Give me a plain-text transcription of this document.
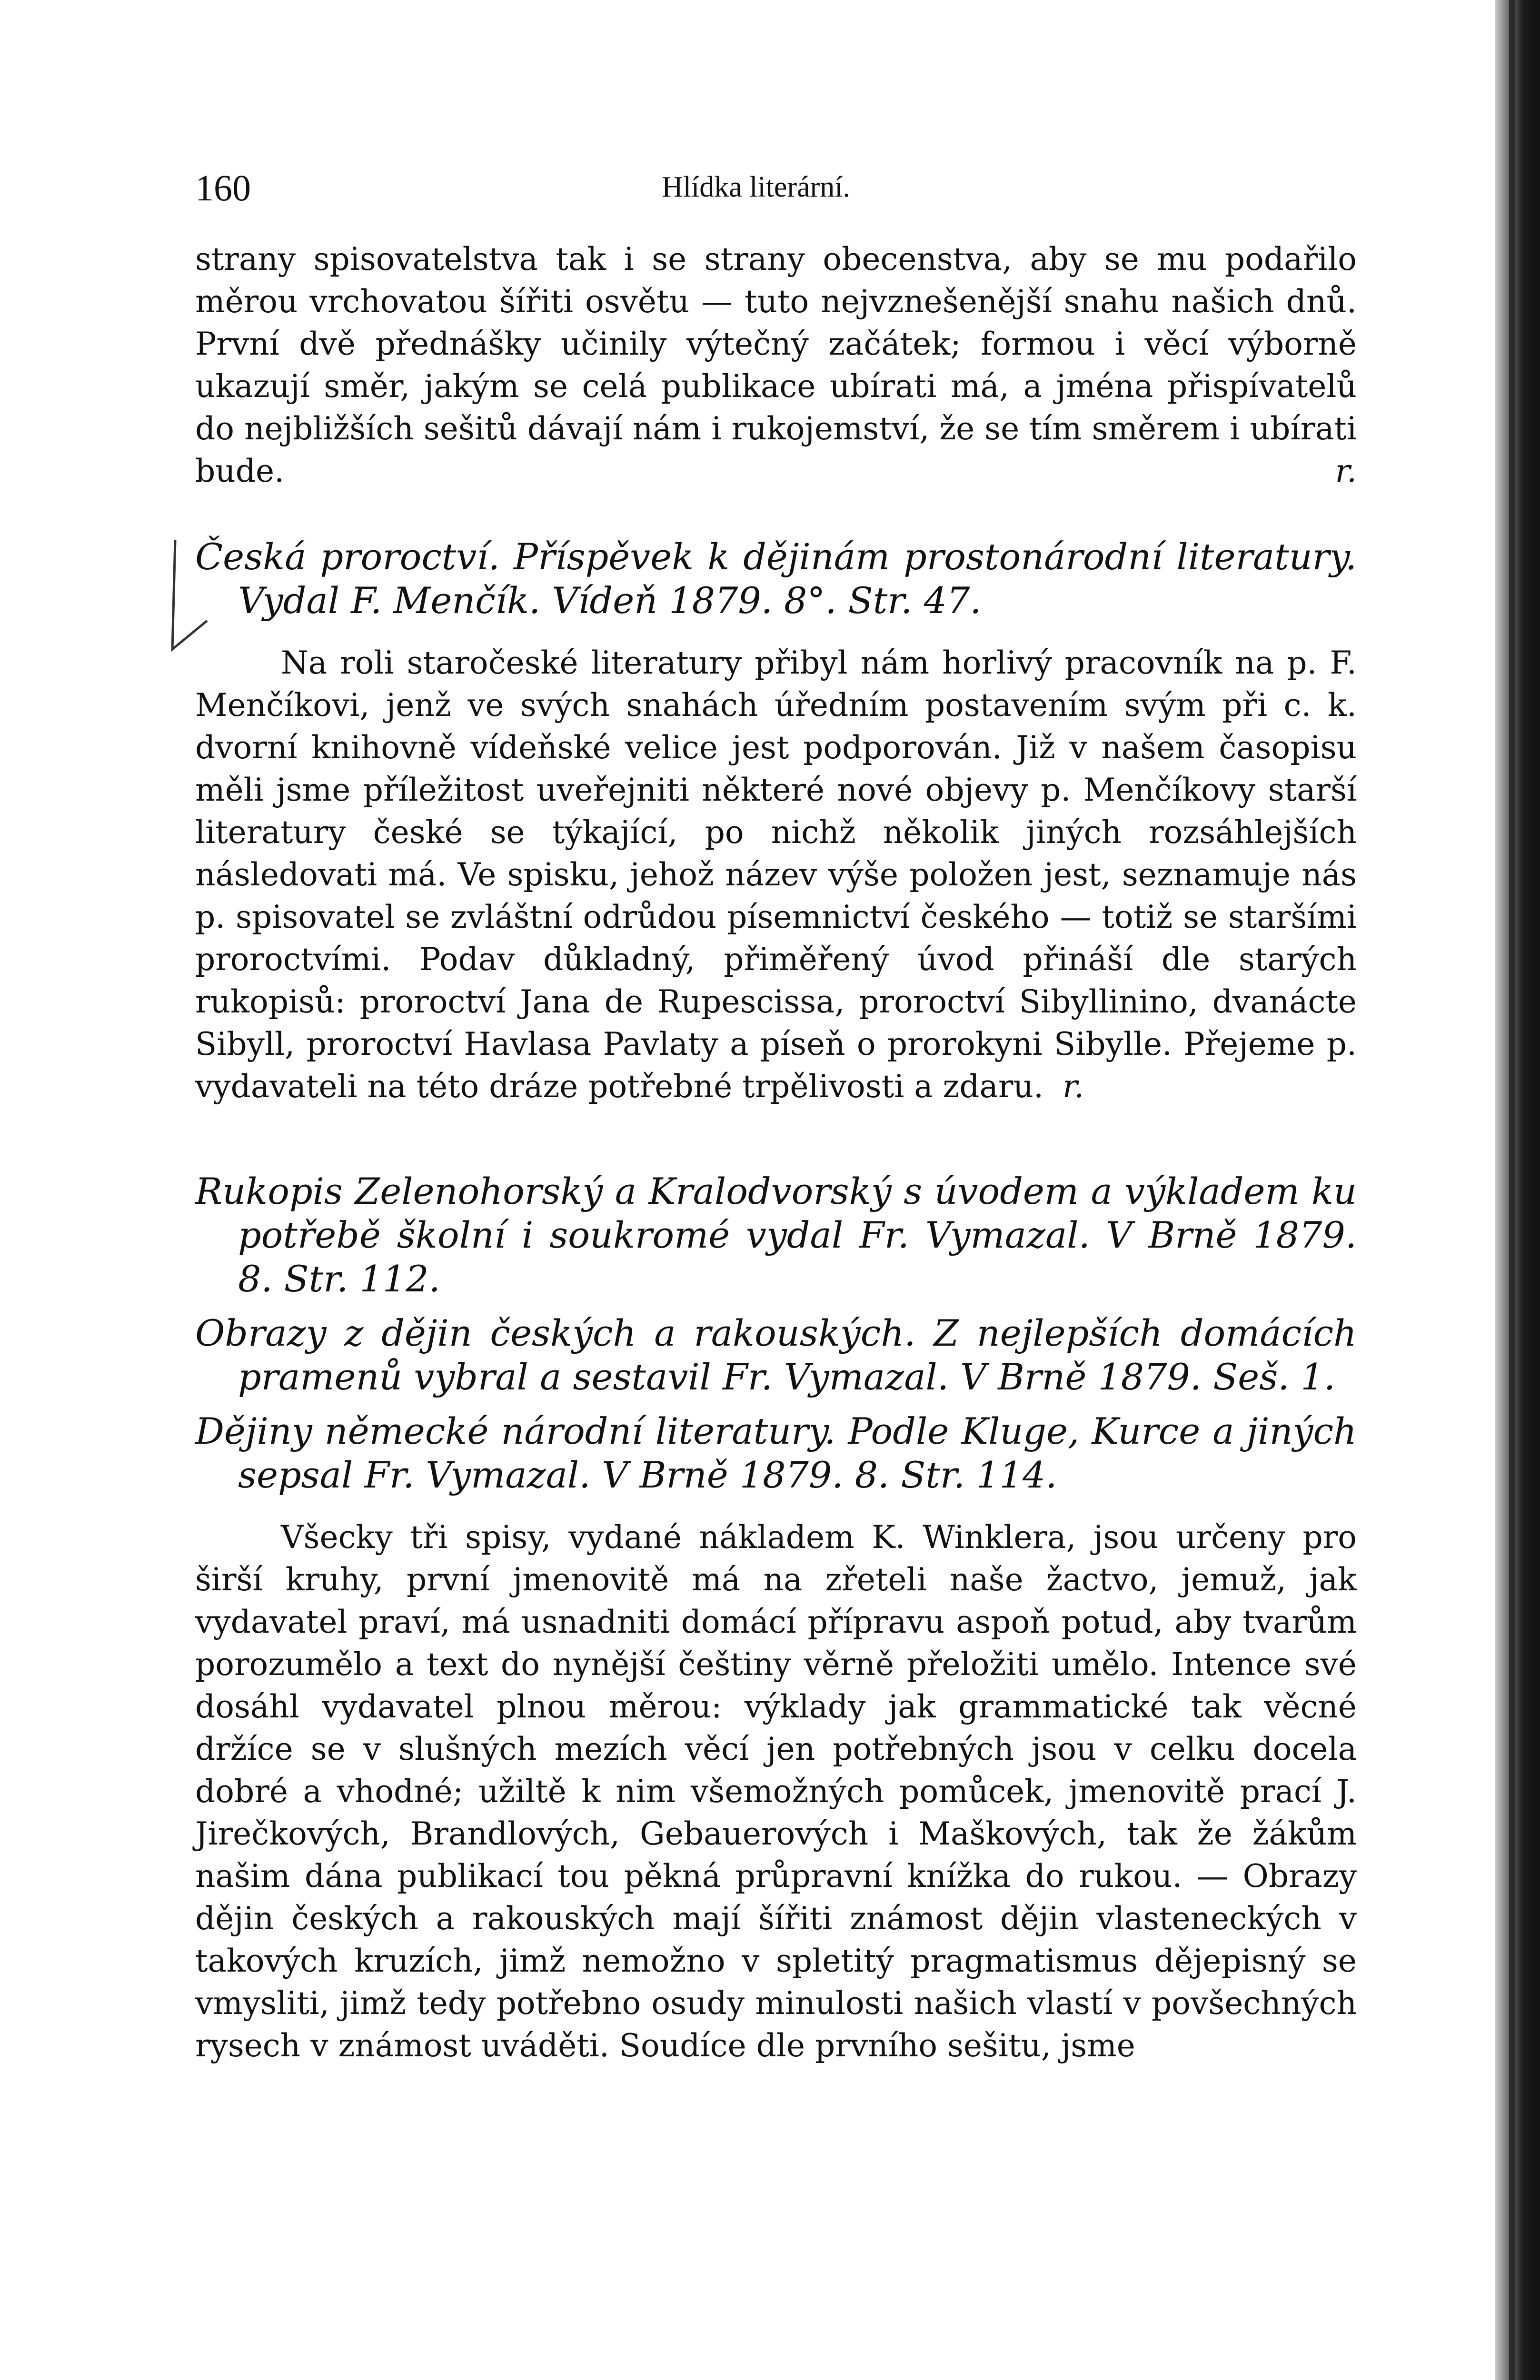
160	Hlídka literární.

strany spisovatelstva tak i se strany obecenstva, aby se mu podařilo měrou vrchovatou šířiti osvětu — tuto nejvznešenější snahu našich dnů. První dvě přednášky učinily výtečný začátek; formou i věcí výborně ukazují směr, jakým se celá publikace ubírati má, a jména přispívatelů do nejbližších sešitů dávají nám i rukojemství, že se tím směrem i ubírati bude.	r.

Česká proroctví. Příspěvek k dějinám prostonárodní literatury. Vydal F. Menčík. Vídeň 1879. 8°. Str. 47.

Na roli staročeské literatury přibyl nám horlivý pracovník na p. F. Menčíkovi, jenž ve svých snahách úředním postavením svým při c. k. dvorní knihovně vídeňské velice jest podporován. Již v našem časopisu měli jsme příležitost uveřejniti některé nové objevy p. Menčíkovy starší literatury české se týkající, po nichž několik jiných rozsáhlejších následovati má. Ve spisku, jehož název výše položen jest, seznamuje nás p. spisovatel se zvláštní odrůdou písemnictví českého — totiž se staršími proroctvími. Podav důkladný, přiměřený úvod přináší dle starých rukopisů: proroctví Jana de Rupescissa, proroctví Sibyllinino, dvanácte Sibyll, proroctví Havlasa Pavlaty a píseň o prorokyni Sibylle. Přejeme p. vydavateli na této dráze potřebné trpělivosti a zdaru. r.

Rukopis Zelenohorský a Kralodvorský s úvodem a výkladem ku potřebě školní i soukromé vydal Fr. Vymazal. V Brně 1879. 8. Str. 112.

Obrazy z dějin českých a rakouských. Z nejlepších domácích pramenů vybral a sestavil Fr. Vymazal. V Brně 1879. Seš. 1.

Dějiny německé národní literatury. Podle Kluge, Kurce a jiných sepsal Fr. Vymazal. V Brně 1879. 8. Str. 114.

Všecky tři spisy, vydané nákladem K. Winklera, jsou určeny pro širší kruhy, první jmenovitě má na zřeteli naše žactvo, jemuž, jak vydavatel praví, má usnadniti domácí přípravu aspoň potud, aby tvarům porozumělo a text do nynější češtiny věrně přeložiti umělo. Intence své dosáhl vydavatel plnou měrou: výklady jak grammatické tak věcné držíce se v slušných mezích věcí jen potřebných jsou v celku docela dobré a vhodné; užiltě k nim všemožných pomůcek, jmenovitě prací J. Jirečkových, Brandlových, Gebauerových i Maškových, tak že žákům našim dána publikací tou pěkná průpravní knížka do rukou. — Obrazy dějin českých a rakouských mají šířiti známost dějin vlasteneckých v takových kruzích, jimž nemožno v spletitý pragmatismus dějepisný se vmysliti, jimž tedy potřebno osudy minulosti našich vlastí v povšechných rysech v známost uváděti. Soudíce dle prvního sešitu, jsme
